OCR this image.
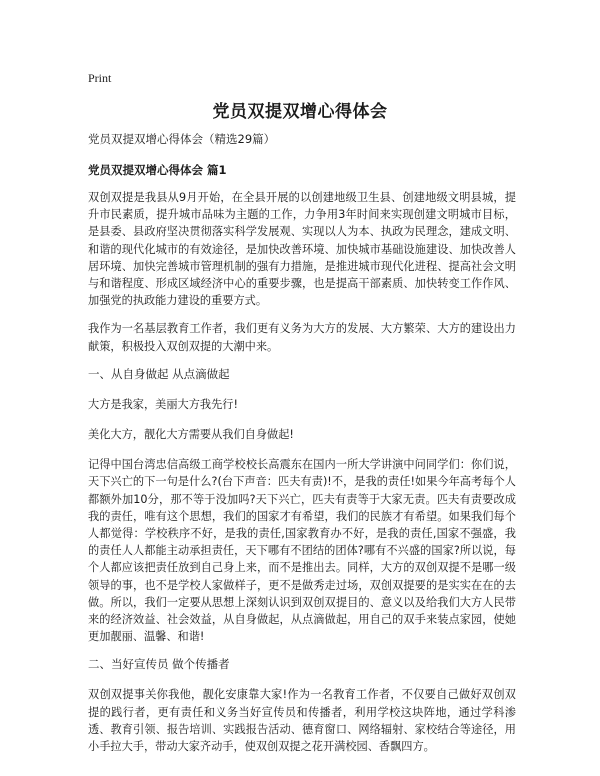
Print
党员双提双增心得体会
党员双提双增心得体会（精选29篇）
党员双提双增心得体会 篇1

双创双提是我县从9月开始，在全县开展的以创建地级卫生县、创建地级文明县城，提升市民素质，提升城市品味为主题的工作，力争用3年时间来实现创建文明城市目标，是县委、县政府坚决贯彻落实科学发展观、实现以人为本、执政为民理念，建成文明、和谐的现代化城市的有效途径，是加快改善环境、加快城市基础设施建设、加快改善人居环境、加快完善城市管理机制的强有力措施，是推进城市现代化进程、提高社会文明与和谐程度、形成区域经济中心的重要步骤，也是提高干部素质、加快转变工作作风、加强党的执政能力建设的重要方式。

我作为一名基层教育工作者，我们更有义务为大方的发展、大方繁荣、大方的建设出力献策，积极投入双创双提的大潮中来。

一、从自身做起 从点滴做起

大方是我家，美丽大方我先行!

美化大方，靓化大方需要从我们自身做起!

记得中国台湾忠信高级工商学校校长高震东在国内一所大学讲演中问同学们：你们说，天下兴亡的下一句是什么?(台下声音：匹夫有责)!不，是我的责任!如果今年高考每个人都额外加10分，那不等于没加吗?天下兴亡，匹夫有责等于大家无责。匹夫有责要改成我的责任，唯有这个思想，我们的国家才有希望，我们的民族才有希望。如果我们每个人都觉得：学校秩序不好，是我的责任,国家教育办不好，是我的责任,国家不强盛，我的责任人人都能主动承担责任，天下哪有不团结的团体?哪有不兴盛的国家?所以说，每个人都应该把责任放到自己身上来，而不是推出去。同样，大方的双创双提不是哪一级领导的事，也不是学校人家做样子，更不是做秀走过场，双创双提要的是实实在在的去做。所以，我们一定要从思想上深刻认识到双创双提目的、意义以及给我们大方人民带来的经济效益、社会效益，从自身做起，从点滴做起，用自己的双手来装点家园，使她更加靓丽、温馨、和谐!

二、当好宣传员 做个传播者

双创双提事关你我他，靓化安康靠大家!作为一名教育工作者，不仅要自己做好双创双提的践行者，更有责任和义务当好宣传员和传播者，利用学校这块阵地，通过学科渗透、教育引领、报告培训、实践报告活动、德育窗口、网络辐射、家校结合等途径，用小手拉大手，带动大家齐动手，使双创双提之花开满校园、香飘四方。
